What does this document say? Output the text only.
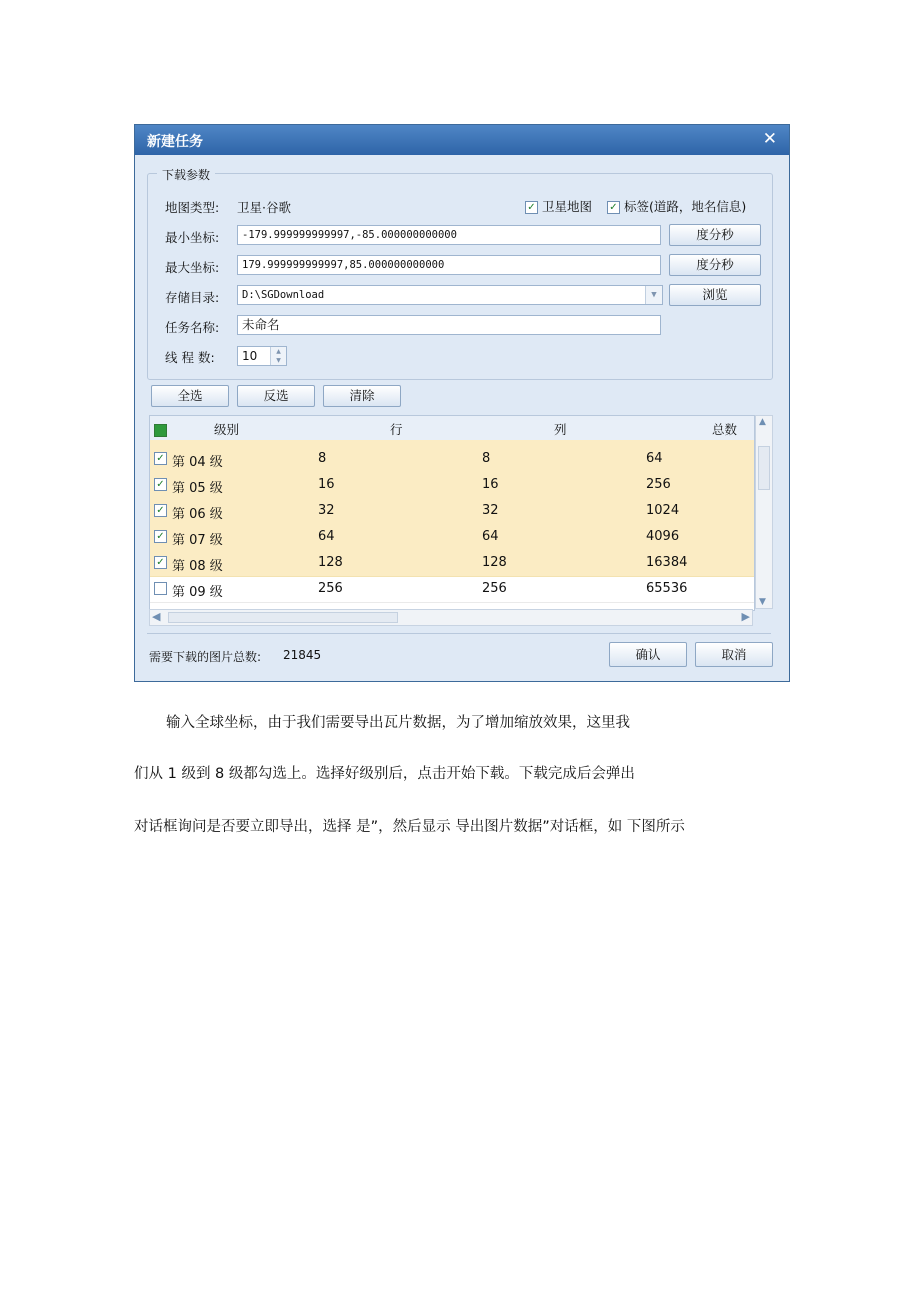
新建任务	✕
下载参数
地图类型: 卫星·谷歌	✓ 卫星地图 ✓ 标签(道路，地名信息)
最小坐标:	-179.999999999997,-85.000000000000	度分秒
最大坐标:	179.999999999997,85.000000000000	度分秒
存储目录:	D:\SGDownload	▼	浏览
任务名称:	未命名
线 程 数:	10	▲
▼
全选	反选	清除
级别	行	列	总数
✓ 第 04 级	8	8	64
✓ 第 05 级	16	16	256
✓ 第 06 级	32	32	1024
✓ 第 07 级	64	64	4096
✓ 第 08 级	128	128	16384
第 09 级	256	256	65536
▲
▼
◀	▶
需要下载的图片总数: 21845	确认	取消
输入全球坐标，由于我们需要导出瓦片数据，为了增加缩放效果，这里我
们从 1 级到 8 级都勾选上。选择好级别后，点击开始下载。下载完成后会弹出
对话框询问是否要立即导出，选择 是”，然后显示 导出图片数据”对话框，如 下图所示
